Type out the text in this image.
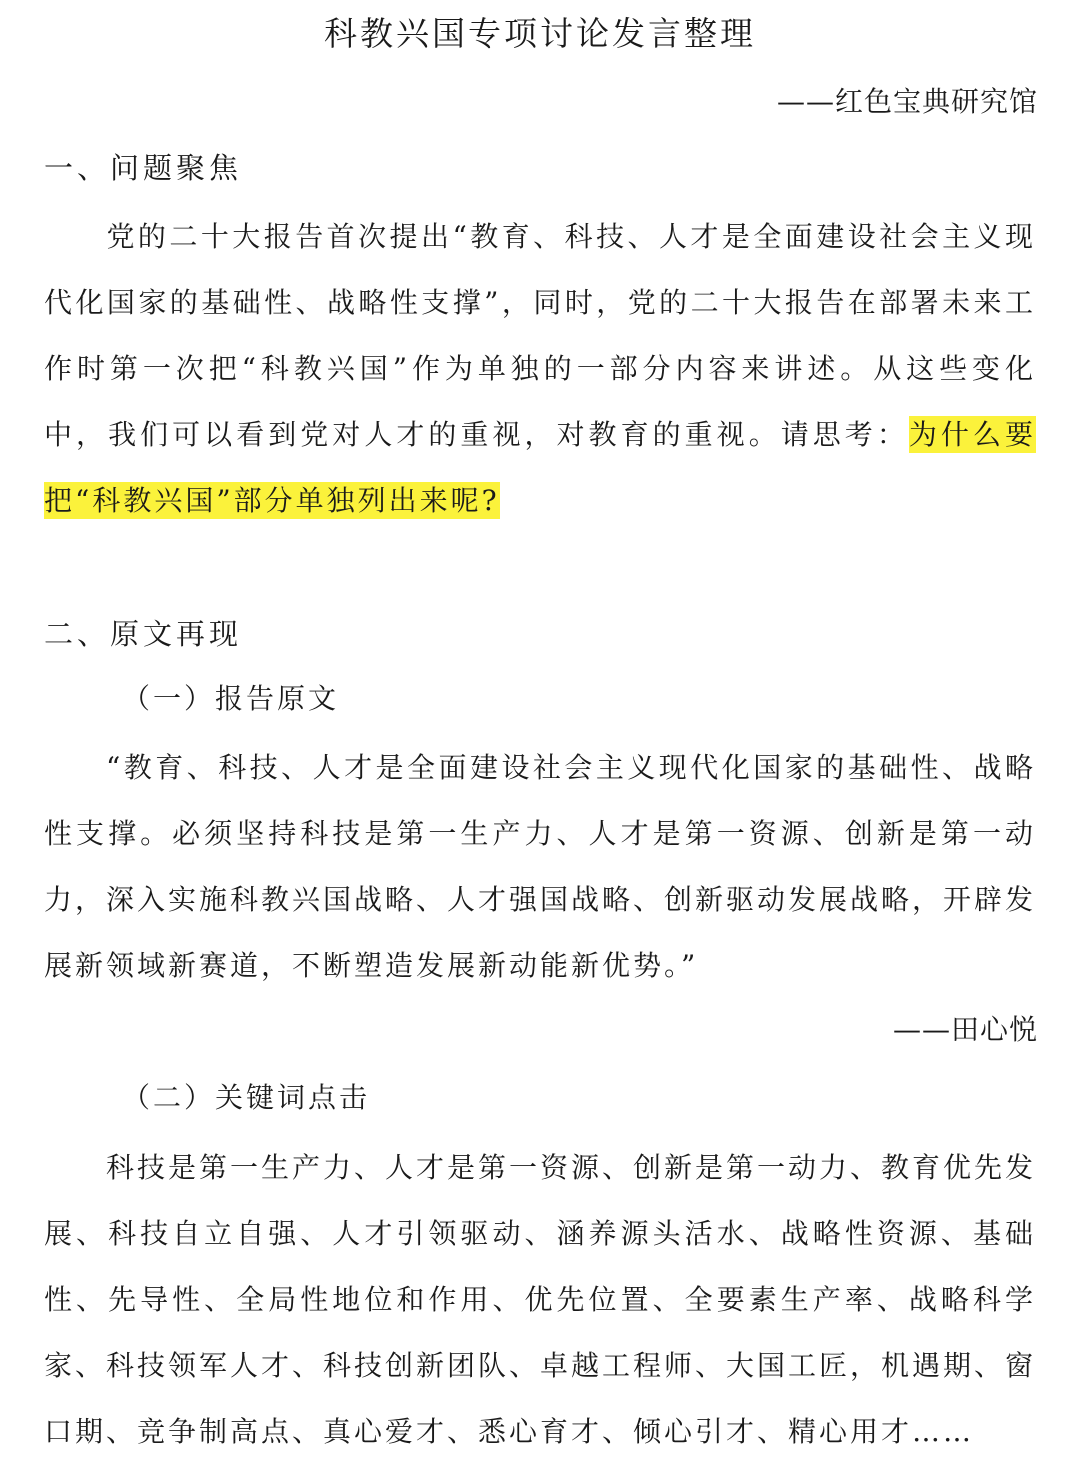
科教兴国专项讨论发言整理
——红色宝典研究馆
一、问题聚焦
党的二十大报告首次提出“教育、科技、人才是全面建设社会主义现代化国家的基础性、战略性支撑”，同时，党的二十大报告在部署未来工作时第一次把“科教兴国”作为单独的一部分内容来讲述。从这些变化中，我们可以看到党对人才的重视，对教育的重视。请思考：为什么要把“科教兴国”部分单独列出来呢?
二、原文再现
（一）报告原文
“教育、科技、人才是全面建设社会主义现代化国家的基础性、战略性支撑。必须坚持科技是第一生产力、人才是第一资源、创新是第一动力，深入实施科教兴国战略、人才强国战略、创新驱动发展战略，开辟发展新领域新赛道，不断塑造发展新动能新优势。”
——田心悦
（二）关键词点击
科技是第一生产力、人才是第一资源、创新是第一动力、教育优先发展、科技自立自强、人才引领驱动、涵养源头活水、战略性资源、基础性、先导性、全局性地位和作用、优先位置、全要素生产率、战略科学家、科技领军人才、科技创新团队、卓越工程师、大国工匠，机遇期、窗口期、竞争制高点、真心爱才、悉心育才、倾心引才、精心用才……
